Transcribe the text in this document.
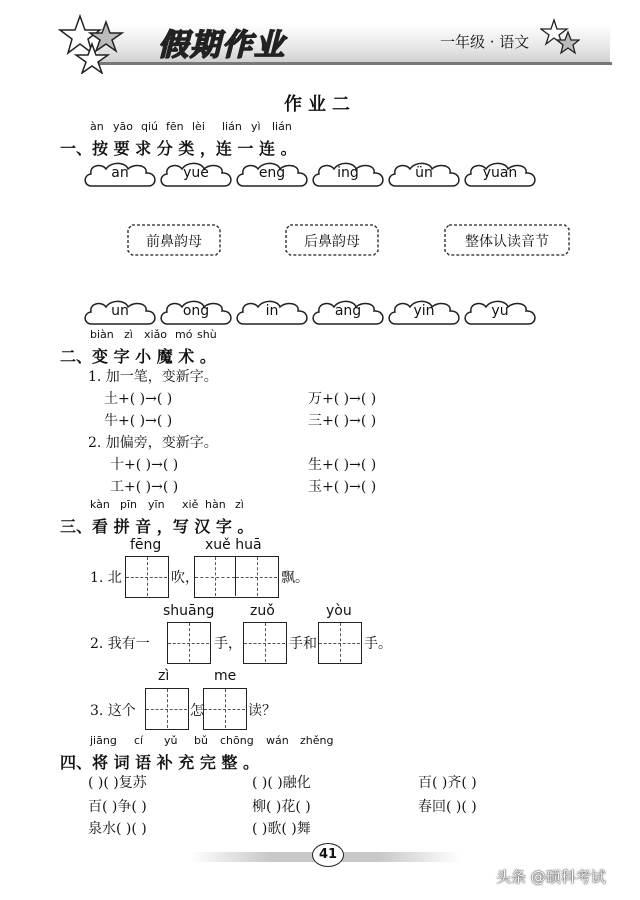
假期作业	一年级 · 语文
作业二
àn yāo qiú fēn lèi lián yì lián
一、按 要 求 分 类 ，连 一 连 。
an	yue	eng	ing	ün	yuan
前鼻韵母	后鼻韵母	整体认读音节
un	ong	in	ang	yin	yu
biàn zì xiǎo mó shù
二、变 字 小 魔 术 。
1. 加一笔，变新字。
土+( )→( )	万+( )→( )
牛+( )→( )	三+( )→( )
2. 加偏旁，变新字。
十+( )→( )	生+( )→( )
工+( )→( )	玉+( )→( )
kàn pīn yīn xiě hàn zì
三、看 拼 音 ，写 汉 字 。
fēng	xuě huā
1. 北	吹，	飘。
shuāng	zuǒ	yòu
2. 我有一	手，	手和	手。
zì	me
3. 这个	怎	读？
jiāng cí yǔ bǔ chōng wán zhěng
四、将 词 语 补 充 完 整 。
( )( )复苏	( )( )融化	百( )齐( )
百( )争( )	柳( )花( )	春回( )( )
泉水( )( )	( )歌( )舞
41
头条 @硕科考试
